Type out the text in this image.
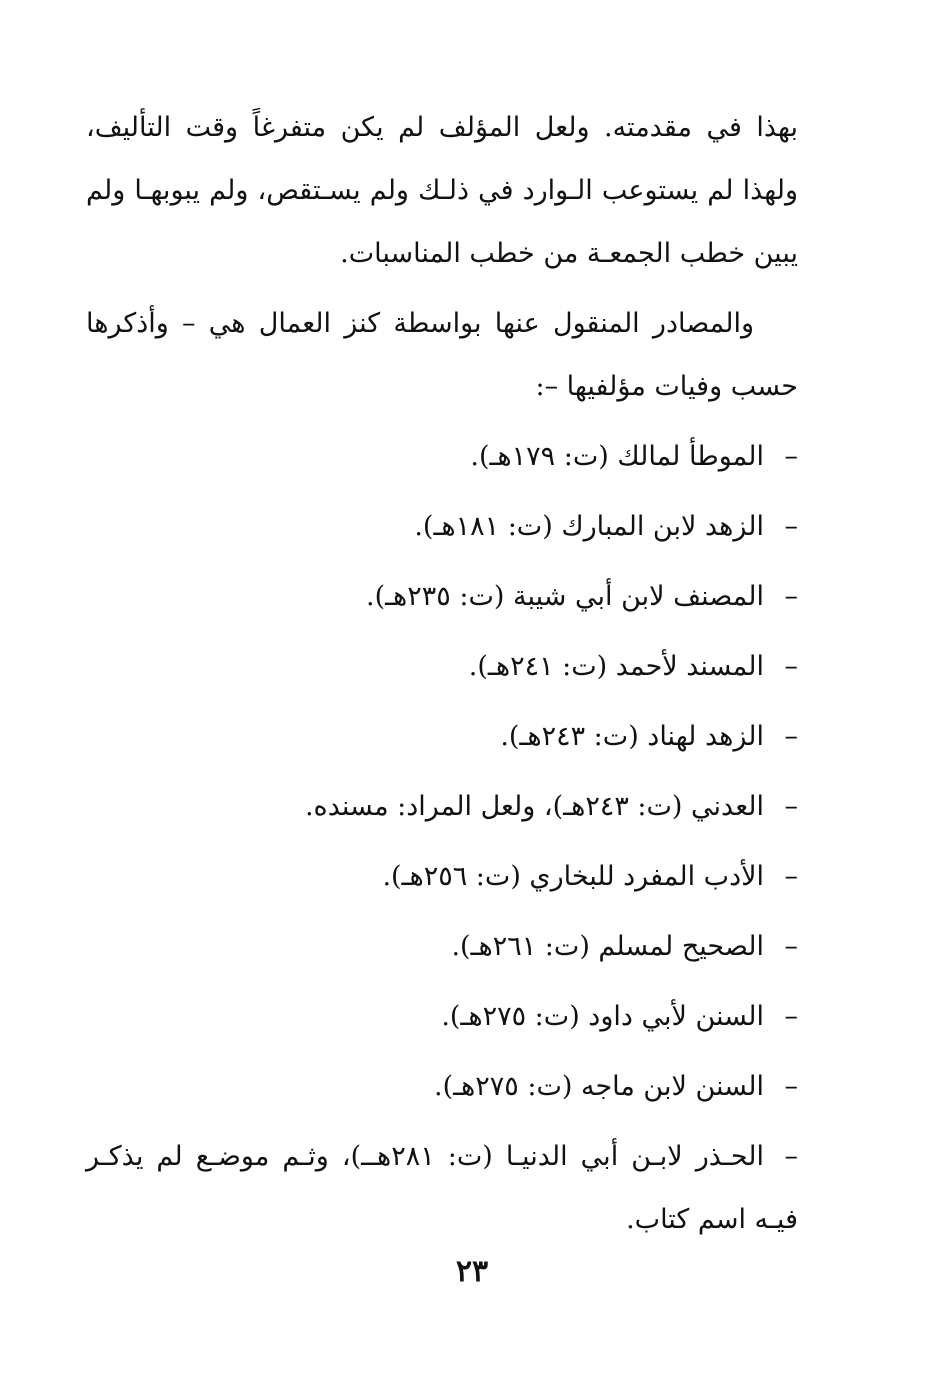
بهذا في مقدمته. ولعل المؤلف لم يكن متفرغاً وقت التأليف، ولهذا لم يستوعب الـوارد في ذلـك ولم يسـتقص، ولم يبوبهـا ولم يبين خطب الجمعـة من خطب المناسبات.

والمصادر المنقول عنها بواسطة كنز العمال هي – وأذكرها حسب وفيات مؤلفيها –:

–الموطأ لمالك (ت: ١٧٩هـ).
–الزهد لابن المبارك (ت: ١٨١هـ).
–المصنف لابن أبي شيبة (ت: ٢٣٥هـ).
–المسند لأحمد (ت: ٢٤١هـ).
–الزهد لهناد (ت: ٢٤٣هـ).
–العدني (ت: ٢٤٣هـ)، ولعل المراد: مسنده.
–الأدب المفرد للبخاري (ت: ٢٥٦هـ).
–الصحيح لمسلم (ت: ٢٦١هـ).
–السنن لأبي داود (ت: ٢٧٥هـ).
–السنن لابن ماجه (ت: ٢٧٥هـ).
–الحـذر لابـن أبي الدنيـا (ت: ٢٨١هــ)، وثـم موضـع لم يذكـر فيـه اسم كتاب.
٢٣
